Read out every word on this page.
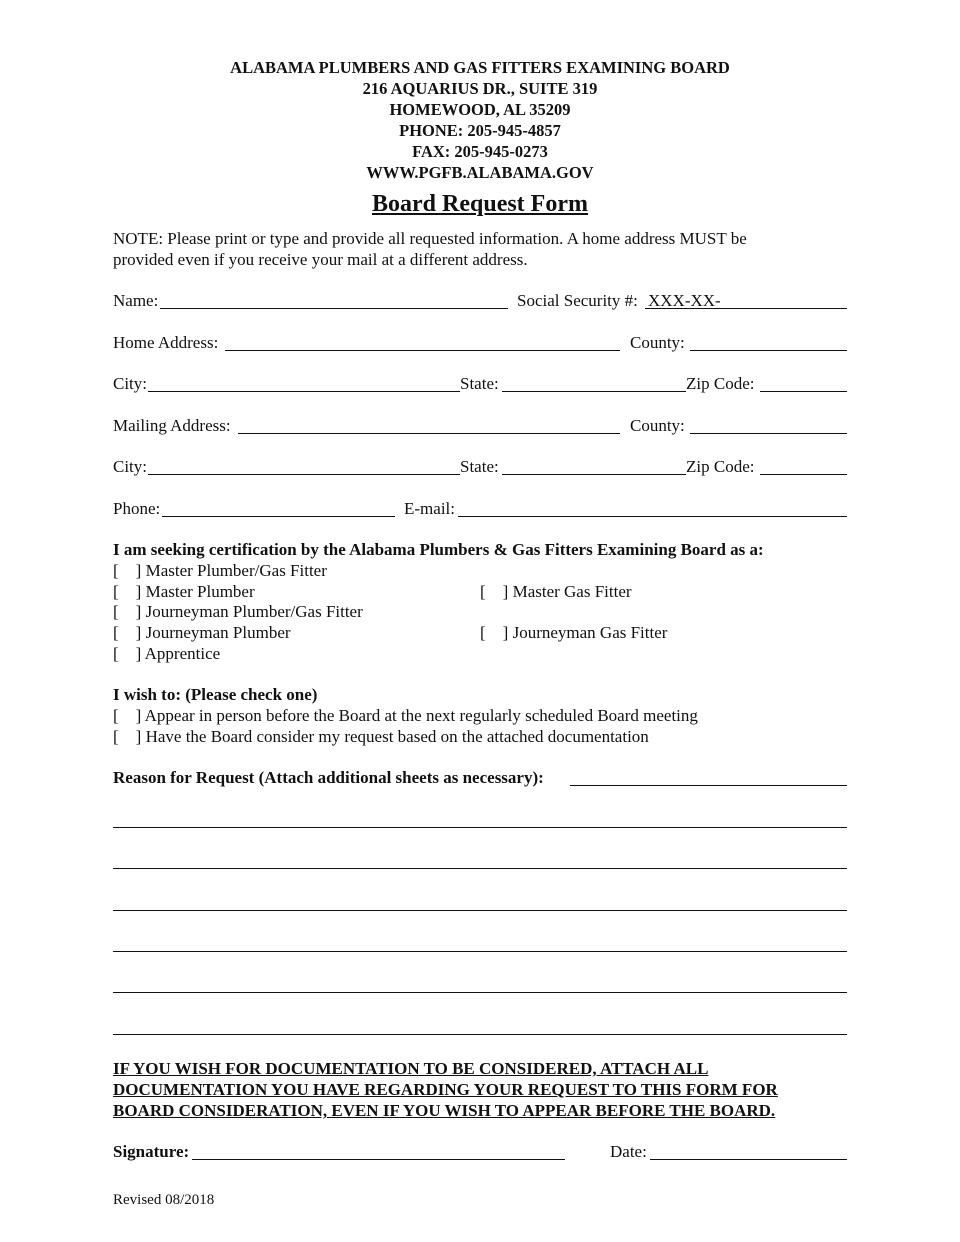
ALABAMA PLUMBERS AND GAS FITTERS EXAMINING BOARD
216 AQUARIUS DR., SUITE 319
HOMEWOOD, AL 35209
PHONE: 205-945-4857
FAX: 205-945-0273
WWW.PGFB.ALABAMA.GOV
Board Request Form
NOTE: Please print or type and provide all requested information. A home address MUST be
provided even if you receive your mail at a different address.
Name:	Social Security #: XXX-XX-
Home Address:	County:
City:	State:	Zip Code:
Mailing Address:	County:
City:	State:	Zip Code:
Phone:	E-mail:
I am seeking certification by the Alabama Plumbers & Gas Fitters Examining Board as a:
[    ] Master Plumber/Gas Fitter
[    ] Master Plumber	[    ] Master Gas Fitter
[    ] Journeyman Plumber/Gas Fitter
[    ] Journeyman Plumber	[    ] Journeyman Gas Fitter
[    ] Apprentice
I wish to: (Please check one)
[    ] Appear in person before the Board at the next regularly scheduled Board meeting
[    ] Have the Board consider my request based on the attached documentation
Reason for Request (Attach additional sheets as necessary):
IF YOU WISH FOR DOCUMENTATION TO BE CONSIDERED, ATTACH ALL
DOCUMENTATION YOU HAVE REGARDING YOUR REQUEST TO THIS FORM FOR
BOARD CONSIDERATION, EVEN IF YOU WISH TO APPEAR BEFORE THE BOARD.
Signature:	Date:
Revised 08/2018
